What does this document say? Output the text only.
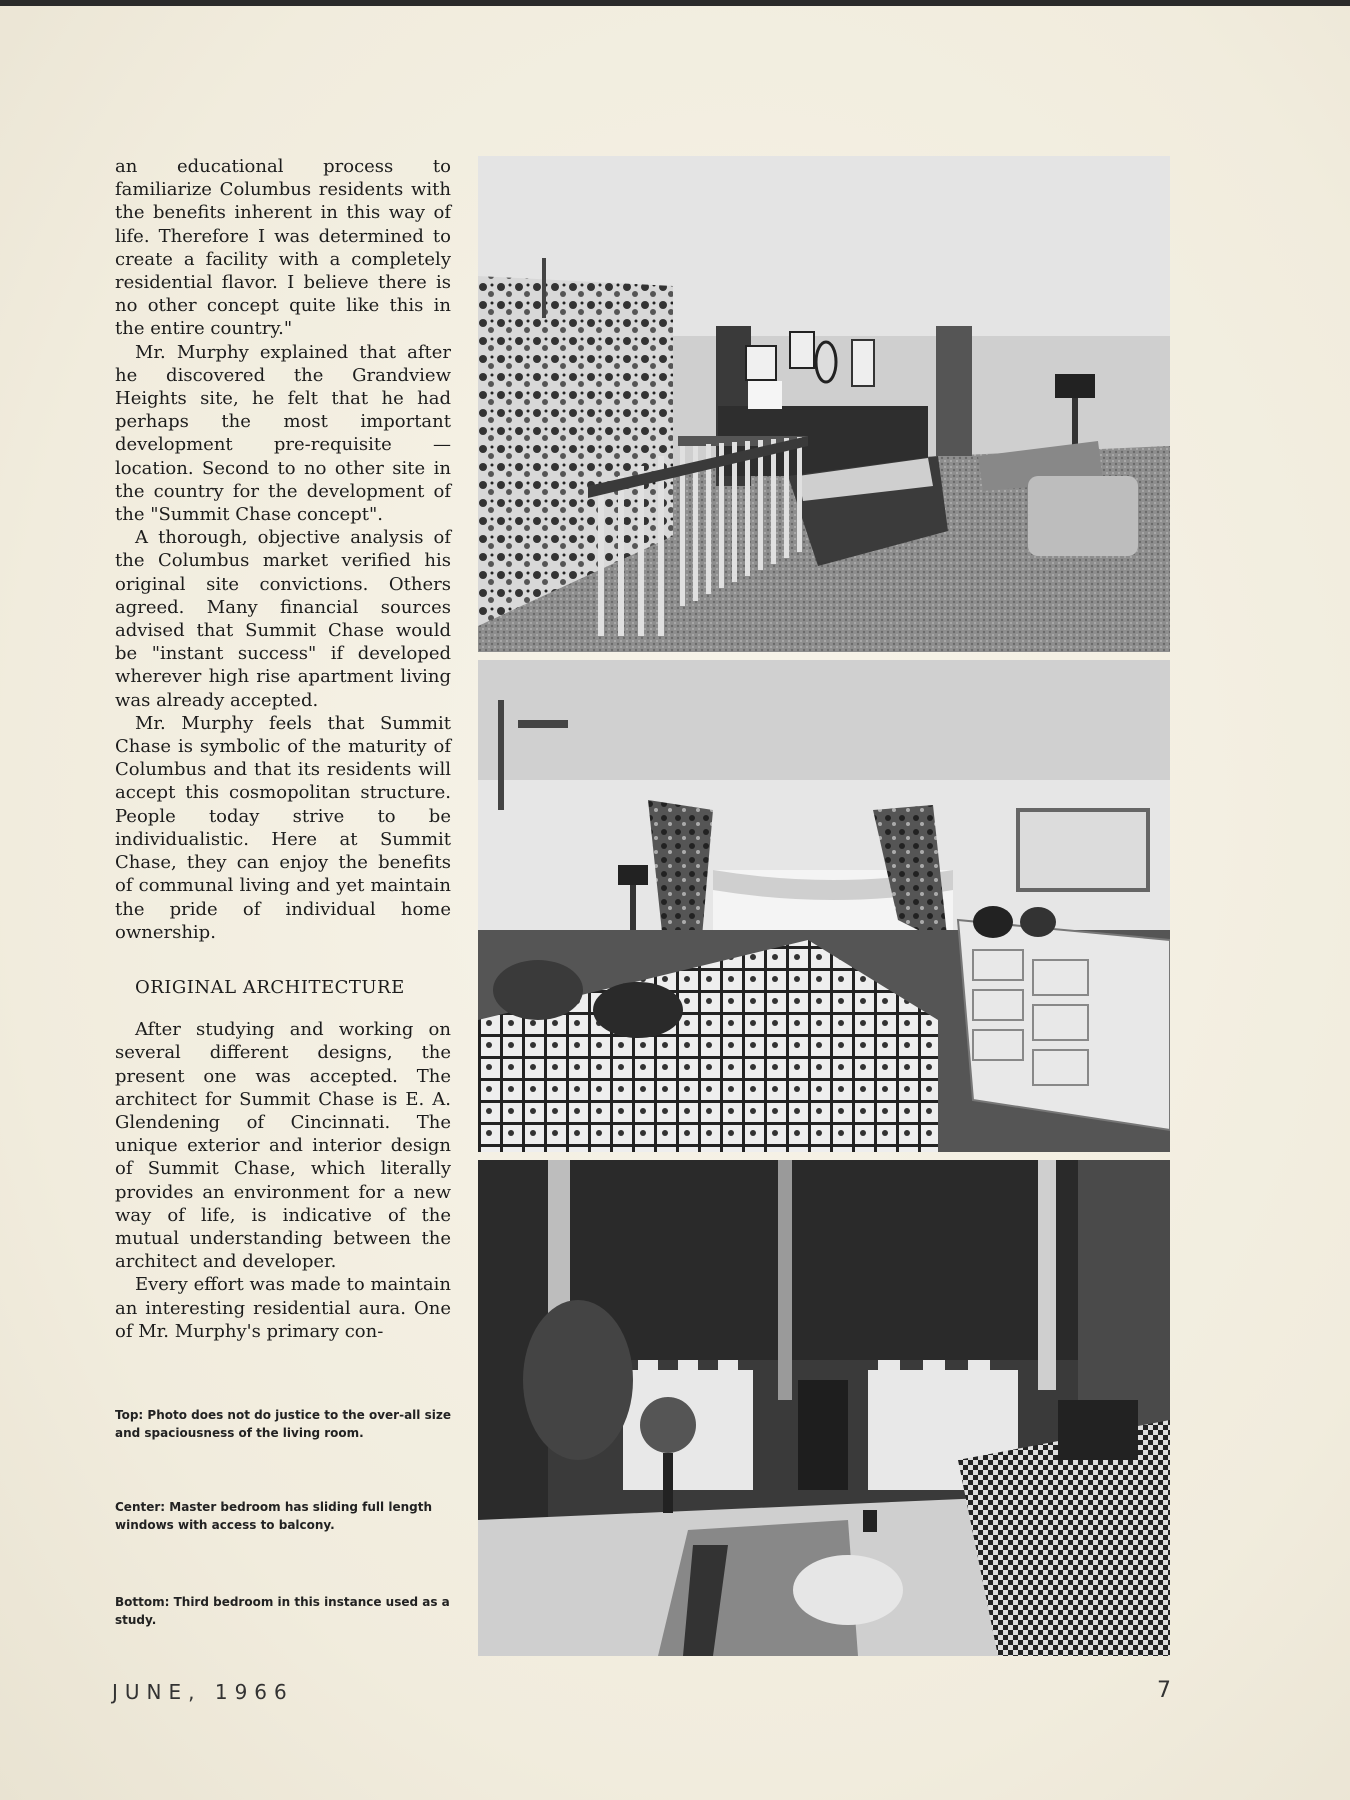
an educational process to familiarize Columbus residents with the benefits inherent in this way of life. Therefore I was determined to create a facility with a completely residential flavor. I believe there is no other concept quite like this in the entire country."

Mr. Murphy explained that after he discovered the Grandview Heights site, he felt that he had perhaps the most important development pre-requisite — location. Second to no other site in the country for the development of the "Summit Chase concept".

A thorough, objective analysis of the Columbus market verified his original site convictions. Others agreed. Many financial sources advised that Summit Chase would be "instant success" if developed wherever high rise apartment living was already accepted.

Mr. Murphy feels that Summit Chase is symbolic of the maturity of Columbus and that its residents will accept this cosmopolitan structure. People today strive to be individualistic. Here at Summit Chase, they can enjoy the benefits of communal living and yet maintain the pride of individual home ownership.

ORIGINAL ARCHITECTURE

After studying and working on several different designs, the present one was accepted. The architect for Summit Chase is E. A. Glendening of Cincinnati. The unique exterior and interior design of Summit Chase, which literally provides an environment for a new way of life, is indicative of the mutual understanding between the architect and developer.

Every effort was made to maintain an interesting residential aura. One of Mr. Murphy's primary con-

Top: Photo does not do justice to the over-all size and spaciousness of the living room.
Center: Master bedroom has sliding full length windows with access to balcony.
Bottom: Third bedroom in this instance used as a study.
JUNE, 1966	7
